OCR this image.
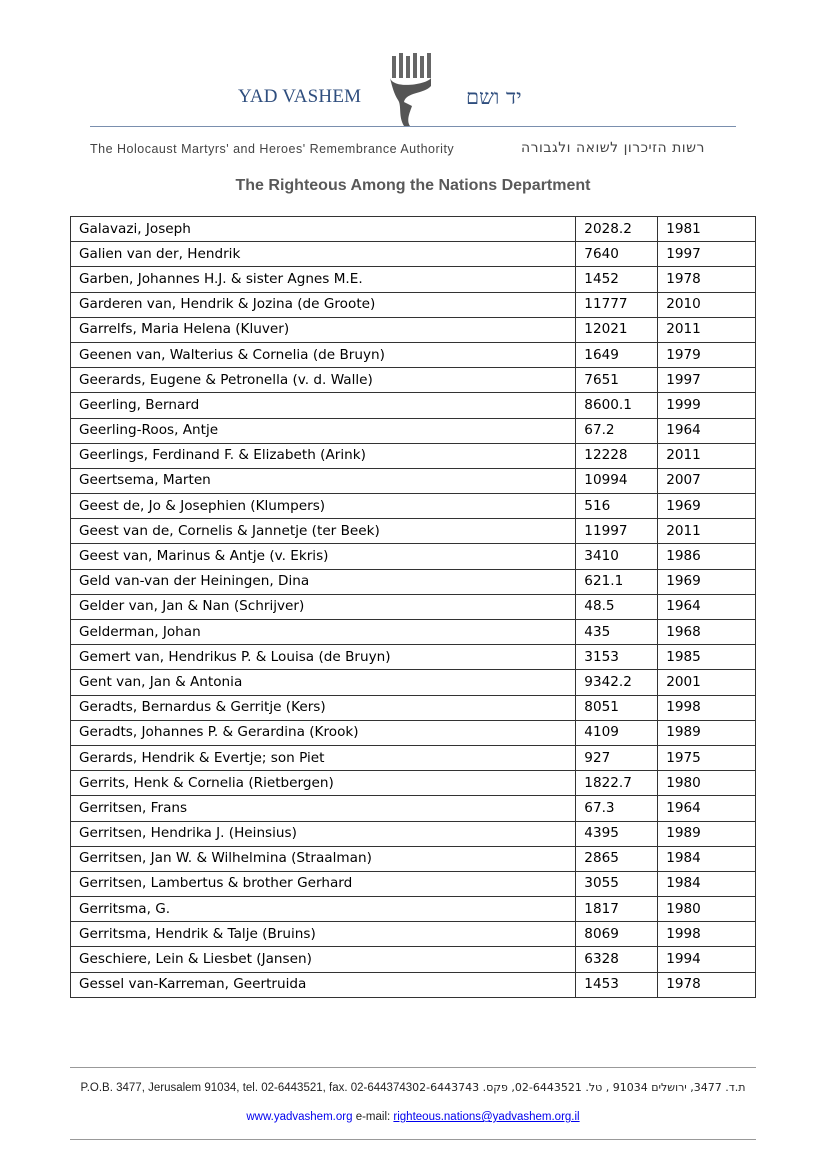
YAD VASHEM	יד ושם
The Holocaust Martyrs' and Heroes' Remembrance Authority	רשות הזיכרון לשואה ולגבורה
The Righteous Among the Nations Department
Galavazi, Joseph	2028.2	1981
Galien van der, Hendrik	7640	1997
Garben, Johannes H.J. & sister Agnes M.E.	1452	1978
Garderen van, Hendrik & Jozina (de Groote)	11777	2010
Garrelfs, Maria Helena (Kluver)	12021	2011
Geenen van, Walterius & Cornelia (de Bruyn)	1649	1979
Geerards, Eugene & Petronella (v. d. Walle)	7651	1997
Geerling, Bernard	8600.1	1999
Geerling-Roos, Antje	67.2	1964
Geerlings, Ferdinand F. & Elizabeth (Arink)	12228	2011
Geertsema, Marten	10994	2007
Geest de, Jo & Josephien (Klumpers)	516	1969
Geest van de, Cornelis & Jannetje (ter Beek)	11997	2011
Geest van, Marinus & Antje (v. Ekris)	3410	1986
Geld van-van der Heiningen, Dina	621.1	1969
Gelder van, Jan & Nan (Schrijver)	48.5	1964
Gelderman, Johan	435	1968
Gemert van, Hendrikus P. & Louisa (de Bruyn)	3153	1985
Gent van, Jan & Antonia	9342.2	2001
Geradts, Bernardus & Gerritje (Kers)	8051	1998
Geradts, Johannes P. & Gerardina (Krook)	4109	1989
Gerards, Hendrik & Evertje; son Piet	927	1975
Gerrits, Henk & Cornelia (Rietbergen)	1822.7	1980
Gerritsen, Frans	67.3	1964
Gerritsen, Hendrika J. (Heinsius)	4395	1989
Gerritsen, Jan W. & Wilhelmina (Straalman)	2865	1984
Gerritsen, Lambertus & brother Gerhard	3055	1984
Gerritsma, G.	1817	1980
Gerritsma, Hendrik & Talje (Bruins)	8069	1998
Geschiere, Lein & Liesbet (Jansen)	6328	1994
Gessel van-Karreman, Geertruida	1453	1978
P.O.B. 3477, Jerusalem 91034, tel. 02-6443521, fax. 02-6443743ת.ד. 3477, ירושלים 91034 , טל. 02-6443521, פקס. 02-6443743
www.yadvashem.org e-mail: righteous.nations@yadvashem.org.il
